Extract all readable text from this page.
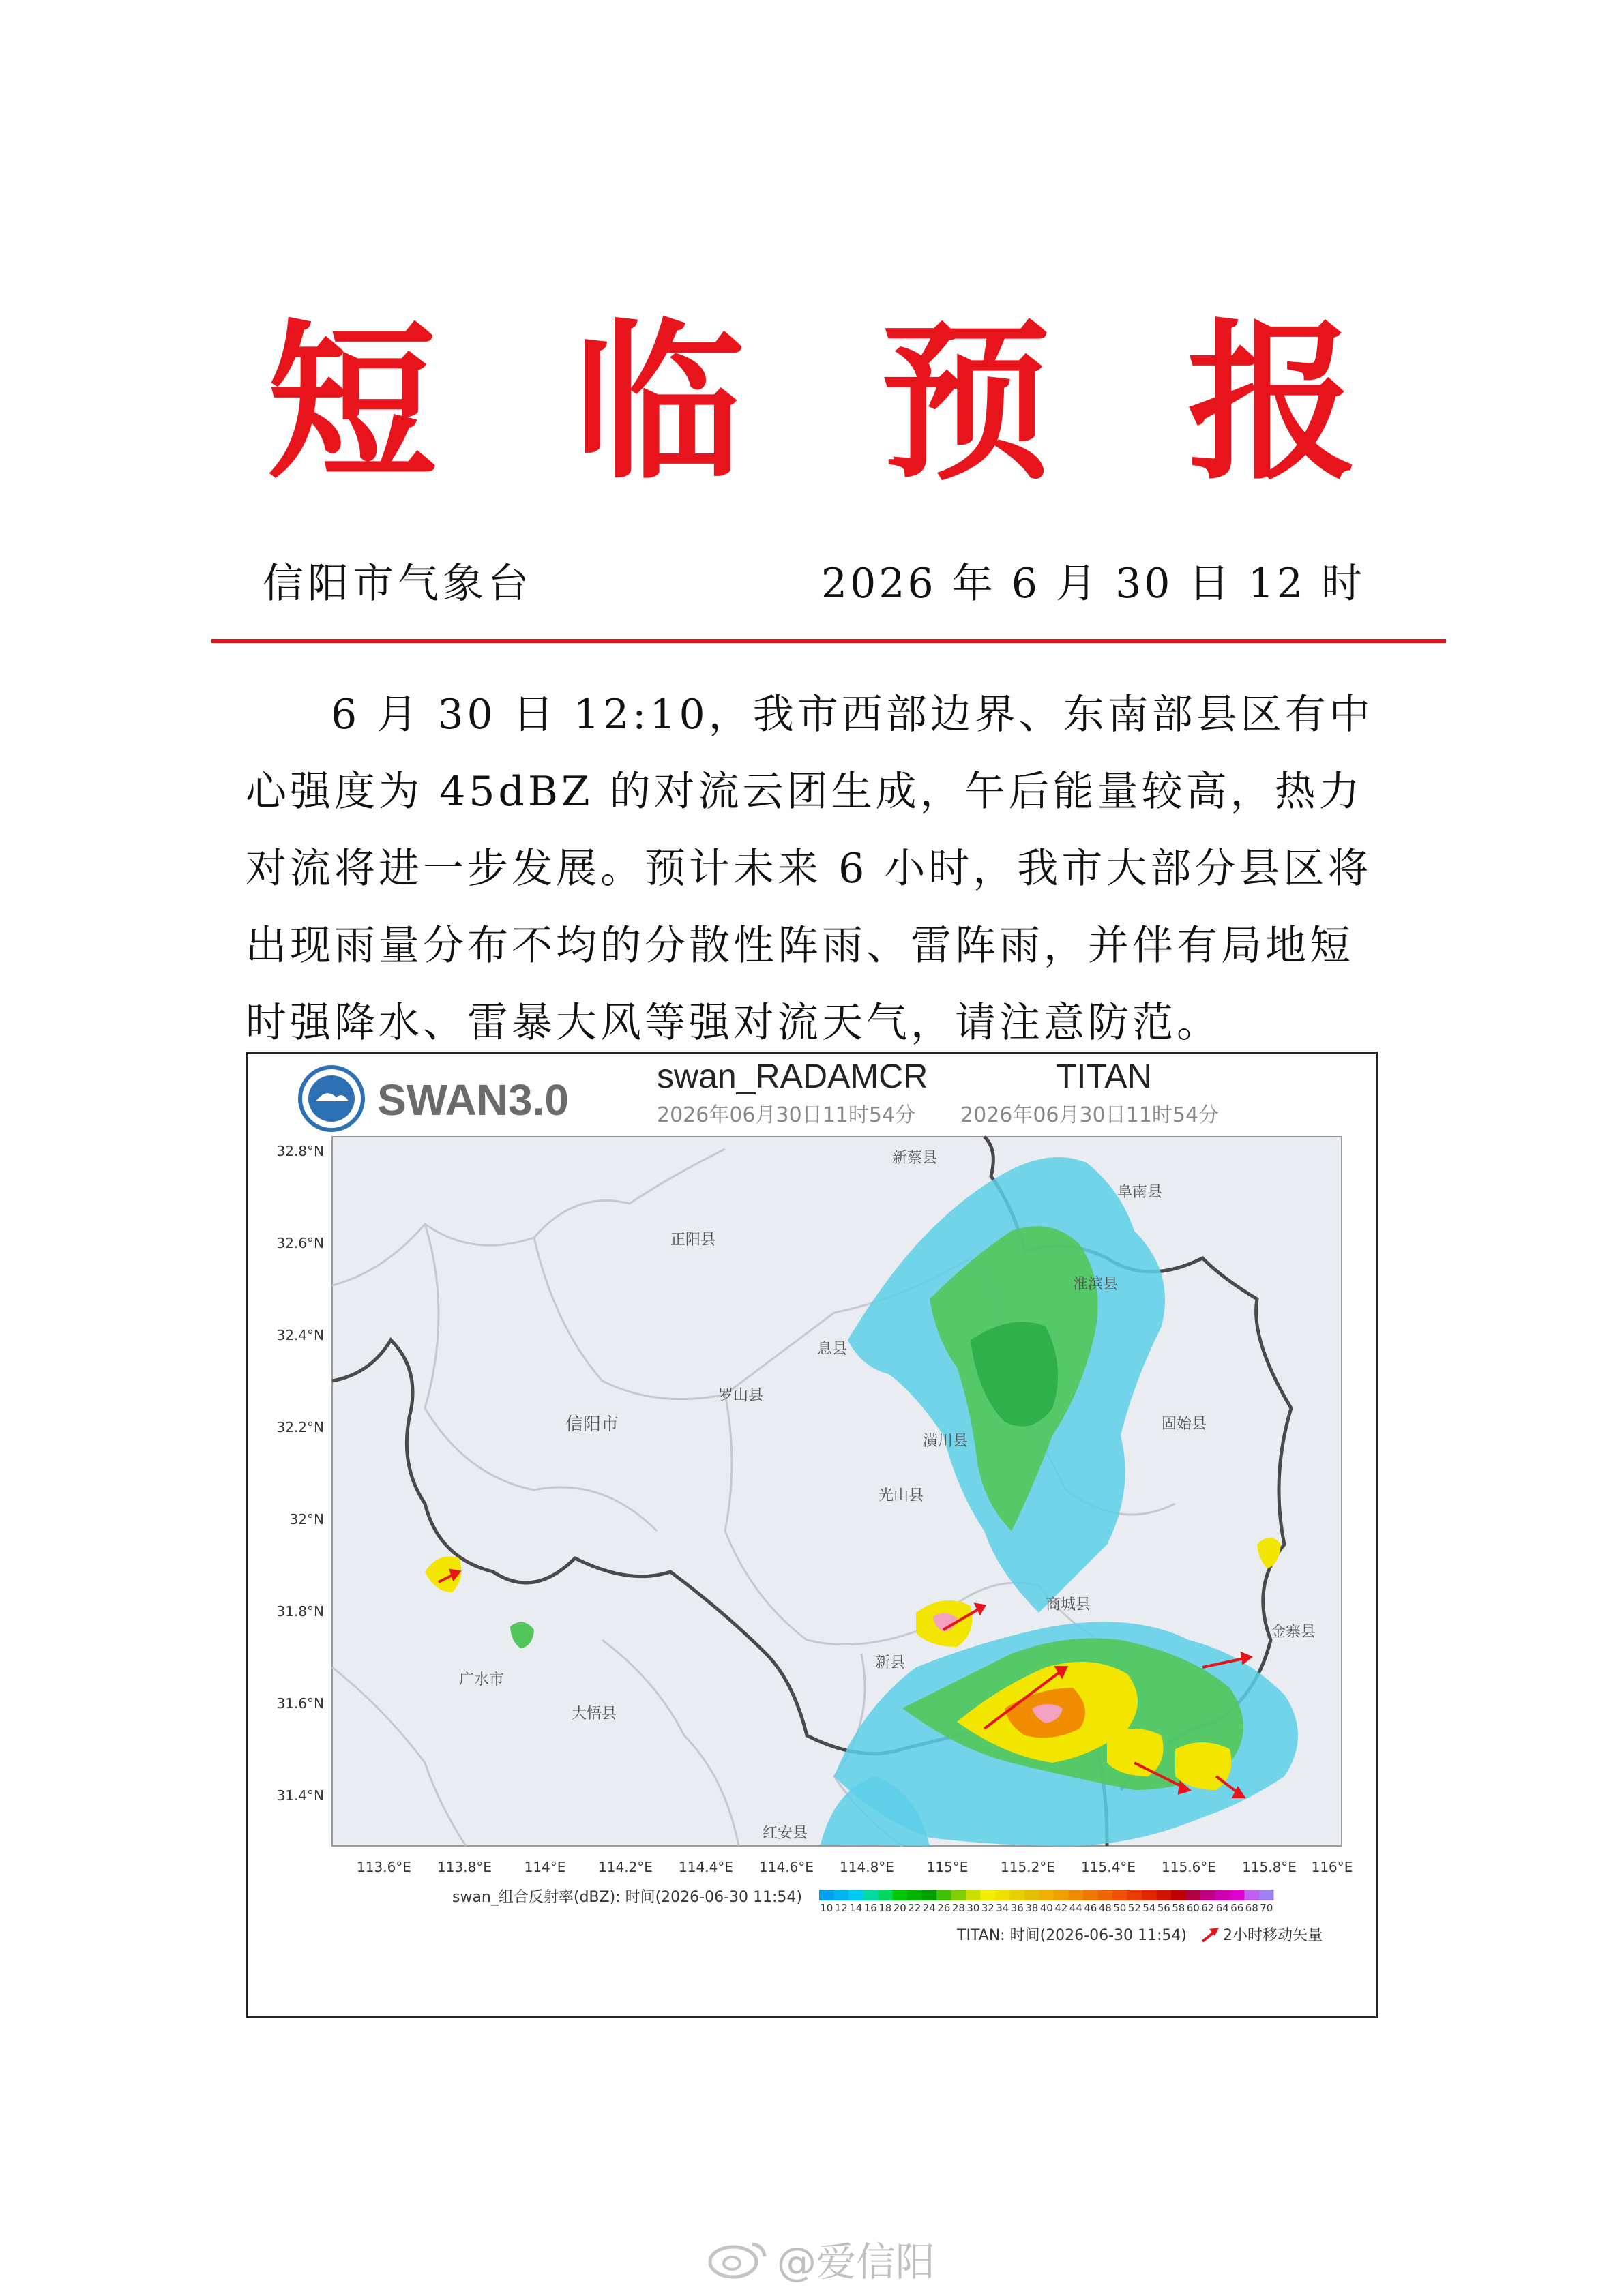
短 临 预 报
信阳市气象台	2026 年 6 月 30 日 12 时

6 月 30 日 12:10，我市西部边界、东南部县区有中心强度为 45dBZ 的对流云团生成，午后能量较高，热力对流将进一步发展。预计未来 6 小时，我市大部分县区将出现雨量分布不均的分散性阵雨、雷阵雨，并伴有局地短时强降水、雷暴大风等强对流天气，请注意防范。

SWAN3.0	swan_RADAMCR
2026年06月30日11时54分
TITAN
2026年06月30日11时54分
新蔡县
正阳县
息县
罗山县
信阳市
淮滨县
固始县
潢川县
光山县
商城县
新县
金寨县
广水市
大悟县
红安县
阜南县
32.8°N
32.6°N
32.4°N
32.2°N
32°N
31.8°N
31.6°N
31.4°N
113.6°E 113.8°E 114°E 114.2°E 114.4°E 114.6°E 114.8°E 115°E 115.2°E 115.4°E 115.6°E 115.8°E 116°E
swan_组合反射率(dBZ): 时间(2026-06-30 11:54)
10 12 14 16 18 20 22 24 26 28 30 32 34 36 38 40 42 44 46 48 50 52 54 56 58 60 62 64 66 68 70
TITAN: 时间(2026-06-30 11:54) 2小时移动矢量
@爱信阳
